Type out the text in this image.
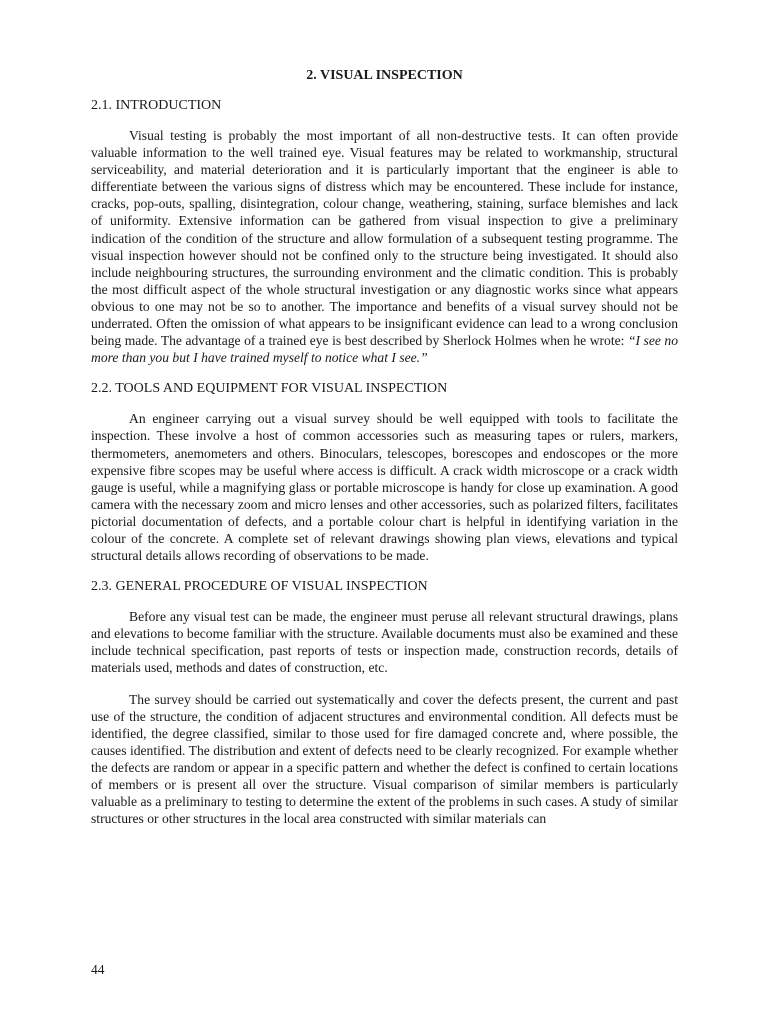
2. VISUAL INSPECTION
2.1. INTRODUCTION

Visual testing is probably the most important of all non-destructive tests. It can often provide valuable information to the well trained eye. Visual features may be related to workmanship, structural serviceability, and material deterioration and it is particularly important that the engineer is able to differentiate between the various signs of distress which may be encountered. These include for instance, cracks, pop-outs, spalling, disintegration, colour change, weathering, staining, surface blemishes and lack of uniformity. Extensive information can be gathered from visual inspection to give a preliminary indication of the condition of the structure and allow formulation of a subsequent testing programme. The visual inspection however should not be confined only to the structure being investigated. It should also include neighbouring structures, the surrounding environment and the climatic condition. This is probably the most difficult aspect of the whole structural investigation or any diagnostic works since what appears obvious to one may not be so to another. The importance and benefits of a visual survey should not be underrated. Often the omission of what appears to be insignificant evidence can lead to a wrong conclusion being made. The advantage of a trained eye is best described by Sherlock Holmes when he wrote: “I see no more than you but I have trained myself to notice what I see.”

2.2. TOOLS AND EQUIPMENT FOR VISUAL INSPECTION

An engineer carrying out a visual survey should be well equipped with tools to facilitate the inspection. These involve a host of common accessories such as measuring tapes or rulers, markers, thermometers, anemometers and others. Binoculars, telescopes, borescopes and endoscopes or the more expensive fibre scopes may be useful where access is difficult. A crack width microscope or a crack width gauge is useful, while a magnifying glass or portable microscope is handy for close up examination. A good camera with the necessary zoom and micro lenses and other accessories, such as polarized filters, facilitates pictorial documentation of defects, and a portable colour chart is helpful in identifying variation in the colour of the concrete. A complete set of relevant drawings showing plan views, elevations and typical structural details allows recording of observations to be made.

2.3. GENERAL PROCEDURE OF VISUAL INSPECTION

Before any visual test can be made, the engineer must peruse all relevant structural drawings, plans and elevations to become familiar with the structure. Available documents must also be examined and these include technical specification, past reports of tests or inspection made, construction records, details of materials used, methods and dates of construction, etc.

The survey should be carried out systematically and cover the defects present, the current and past use of the structure, the condition of adjacent structures and environmental condition. All defects must be identified, the degree classified, similar to those used for fire damaged concrete and, where possible, the causes identified. The distribution and extent of defects need to be clearly recognized. For example whether the defects are random or appear in a specific pattern and whether the defect is confined to certain locations of members or is present all over the structure. Visual comparison of similar members is particularly valuable as a preliminary to testing to determine the extent of the problems in such cases. A study of similar structures or other structures in the local area constructed with similar materials can

44
